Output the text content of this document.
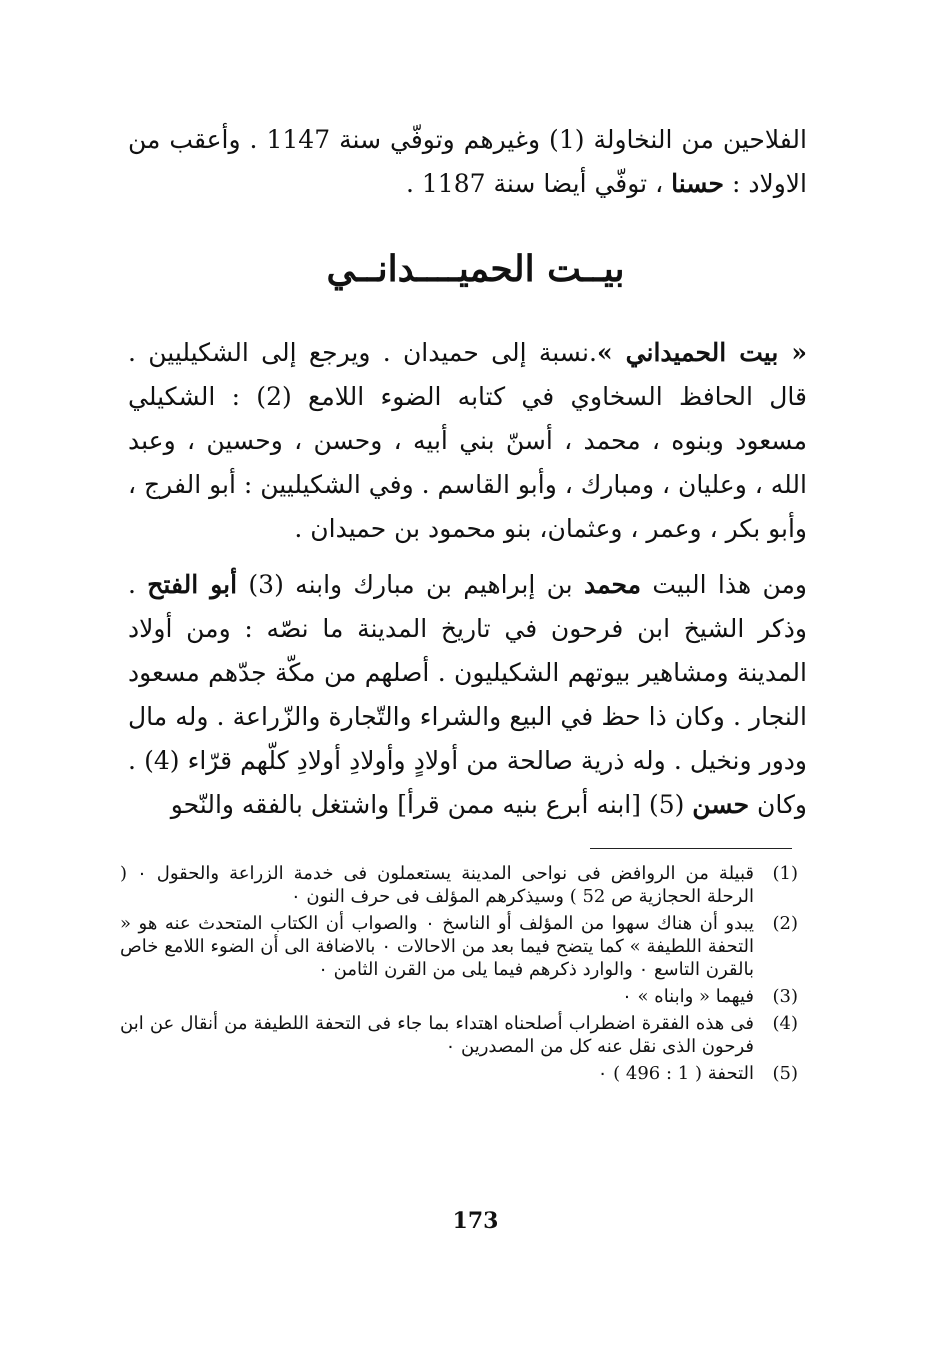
الفلاحين من النخاولة (1) وغيرهم وتوفّي سنة 1147 . وأعقب من الاولاد : حسنا ، توفّي أيضا سنة 1187 .

بيــت الحميــــدانــي

« بيت الحميداني ».نسبة إلى حميدان . ويرجع إلى الشكيليين . قال الحافظ السخاوي في كتابه الضوء اللامع (2) : الشكيلي مسعود وبنوه ، محمد ، أسنّ بني أبيه ، وحسن ، وحسين ، وعبد الله ، وعليان ، ومبارك ، وأبو القاسم . وفي الشكيليين : أبو الفرج ، وأبو بكر ، وعمر ، وعثمان، بنو محمود بن حميدان .

ومن هذا البيت محمد بن إبراهيم بن مبارك وابنه (3) أبو الفتح . وذكر الشيخ ابن فرحون في تاريخ المدينة ما نصّه : ومن أولاد المدينة ومشاهير بيوتهم الشكيليون . أصلهم من مكّة جدّهم مسعود النجار . وكان ذا حظ في البيع والشراء والتّجارة والزّراعة . وله مال ودور ونخيل . وله ذرية صالحة من أولادٍ وأولادِ أولادِ كلّهم قرّاء (4) . وكان حسن (5) [ابنه أبرع بنيه ممن قرأ] واشتغل بالفقه والنّحو

(1)
قبيلة من الروافض فى نواحى المدينة يستعملون فى خدمة الزراعة والحقول ٠ ( الرحلة الحجازية ص 52 ) وسيذكرهم المؤلف فى حرف النون ٠
(2)
يبدو أن هناك سهوا من المؤلف أو الناسخ ٠ والصواب أن الكتاب المتحدث عنه هو « التحفة اللطيفة » كما يتضح فيما بعد من الاحالات ٠ بالاضافة الى أن الضوء اللامع خاص بالقرن التاسع ٠ والوارد ذكرهم فيما يلى من القرن الثامن ٠
(3)
فيهما « وابناه » ٠
(4)
فى هذه الفقرة اضطراب أصلحناه اهتداء بما جاء فى التحفة اللطيفة من أنقال عن ابن فرحون الذى نقل عنه كل من المصدرين ٠
(5)
التحفة ( 1 : 496 ) ٠
173
